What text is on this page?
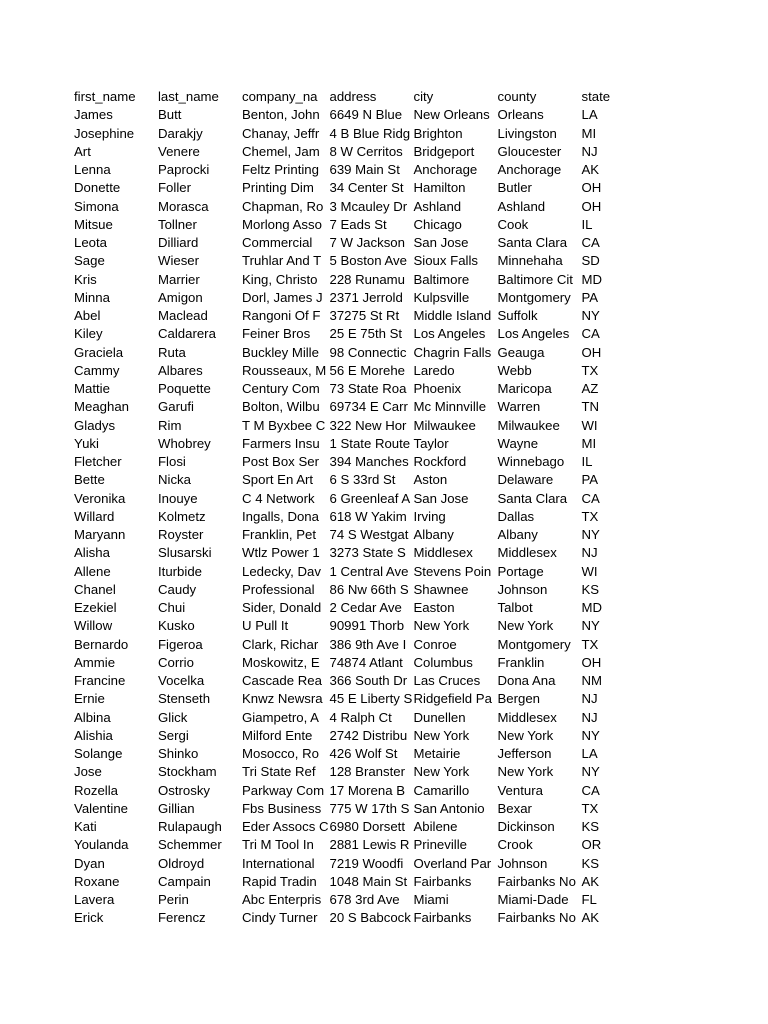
first_name	last_name	company_na	address	city	county	state
James	Butt	Benton, John	6649 N Blue	New Orleans	Orleans	LA
Josephine	Darakjy	Chanay, Jeffr	4 B Blue Ridg	Brighton	Livingston	MI
Art	Venere	Chemel, Jam	8 W Cerritos	Bridgeport	Gloucester	NJ
Lenna	Paprocki	Feltz Printing	639 Main St	Anchorage	Anchorage	AK
Donette	Foller	Printing Dim	34 Center St	Hamilton	Butler	OH
Simona	Morasca	Chapman, Ro	3 Mcauley Dr	Ashland	Ashland	OH
Mitsue	Tollner	Morlong Asso	7 Eads St	Chicago	Cook	IL
Leota	Dilliard	Commercial	7 W Jackson	San Jose	Santa Clara	CA
Sage	Wieser	Truhlar And T	5 Boston Ave	Sioux Falls	Minnehaha	SD
Kris	Marrier	King, Christo	228 Runamu	Baltimore	Baltimore Cit	MD
Minna	Amigon	Dorl, James J	2371 Jerrold	Kulpsville	Montgomery	PA
Abel	Maclead	Rangoni Of F	37275 St Rt	Middle Island	Suffolk	NY
Kiley	Caldarera	Feiner Bros	25 E 75th St	Los Angeles	Los Angeles	CA
Graciela	Ruta	Buckley Mille	98 Connectic	Chagrin Falls	Geauga	OH
Cammy	Albares	Rousseaux, M	56 E Morehe	Laredo	Webb	TX
Mattie	Poquette	Century Com	73 State Roa	Phoenix	Maricopa	AZ
Meaghan	Garufi	Bolton, Wilbu	69734 E Carr	Mc Minnville	Warren	TN
Gladys	Rim	T M Byxbee C	322 New Hor	Milwaukee	Milwaukee	WI
Yuki	Whobrey	Farmers Insu	1 State Route	Taylor	Wayne	MI
Fletcher	Flosi	Post Box Ser	394 Manches	Rockford	Winnebago	IL
Bette	Nicka	Sport En Art	6 S 33rd St	Aston	Delaware	PA
Veronika	Inouye	C 4 Network	6 Greenleaf A	San Jose	Santa Clara	CA
Willard	Kolmetz	Ingalls, Dona	618 W Yakim	Irving	Dallas	TX
Maryann	Royster	Franklin, Pet	74 S Westgat	Albany	Albany	NY
Alisha	Slusarski	Wtlz Power 1	3273 State S	Middlesex	Middlesex	NJ
Allene	Iturbide	Ledecky, Dav	1 Central Ave	Stevens Poin	Portage	WI
Chanel	Caudy	Professional	86 Nw 66th S	Shawnee	Johnson	KS
Ezekiel	Chui	Sider, Donald	2 Cedar Ave	Easton	Talbot	MD
Willow	Kusko	U Pull It	90991 Thorb	New York	New York	NY
Bernardo	Figeroa	Clark, Richar	386 9th Ave I	Conroe	Montgomery	TX
Ammie	Corrio	Moskowitz, E	74874 Atlant	Columbus	Franklin	OH
Francine	Vocelka	Cascade Rea	366 South Dr	Las Cruces	Dona Ana	NM
Ernie	Stenseth	Knwz Newsra	45 E Liberty S	Ridgefield Pa	Bergen	NJ
Albina	Glick	Giampetro, A	4 Ralph Ct	Dunellen	Middlesex	NJ
Alishia	Sergi	Milford Ente	2742 Distribu	New York	New York	NY
Solange	Shinko	Mosocco, Ro	426 Wolf St	Metairie	Jefferson	LA
Jose	Stockham	Tri State Ref	128 Branster	New York	New York	NY
Rozella	Ostrosky	Parkway Com	17 Morena B	Camarillo	Ventura	CA
Valentine	Gillian	Fbs Business	775 W 17th S	San Antonio	Bexar	TX
Kati	Rulapaugh	Eder Assocs C	6980 Dorsett	Abilene	Dickinson	KS
Youlanda	Schemmer	Tri M Tool In	2881 Lewis R	Prineville	Crook	OR
Dyan	Oldroyd	International	7219 Woodfi	Overland Par	Johnson	KS
Roxane	Campain	Rapid Tradin	1048 Main St	Fairbanks	Fairbanks No	AK
Lavera	Perin	Abc Enterpris	678 3rd Ave	Miami	Miami-Dade	FL
Erick	Ferencz	Cindy Turner	20 S Babcock	Fairbanks	Fairbanks No	AK
